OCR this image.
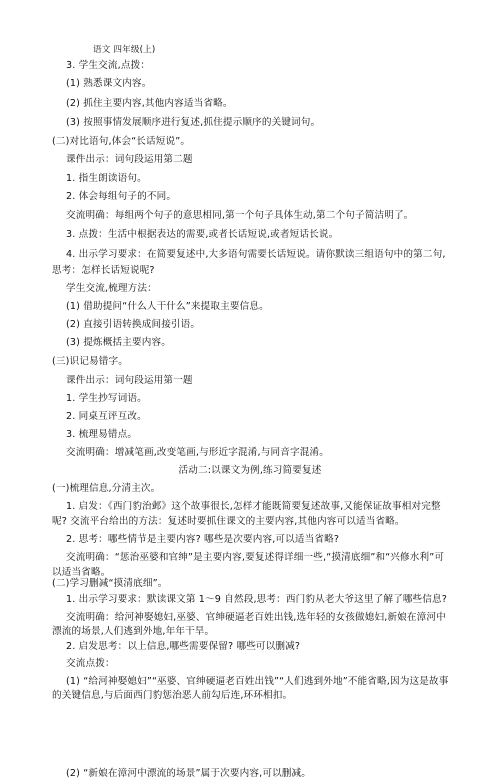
语文 四年级(上)
3. 学生交流,点拨：
(1) 熟悉课文内容。
(2) 抓住主要内容,其他内容适当省略。
(3) 按照事情发展顺序进行复述,抓住提示顺序的关键词句。
(二)对比语句,体会“长话短说”。
课件出示：词句段运用第二题
1. 指生朗读语句。
2. 体会每组句子的不同。
交流明确：每组两个句子的意思相同,第一个句子具体生动,第二个句子简洁明了。
3. 点拨：生活中根据表达的需要,或者长话短说,或者短话长说。
4. 出示学习要求：在简要复述中,大多语句需要长话短说。请你默读三组语句中的第二句,
思考：怎样长话短说呢?
学生交流,梳理方法：
(1) 借助提问“什么人干什么”来提取主要信息。
(2) 直接引语转换成间接引语。
(3) 提炼概括主要内容。
(三)识记易错字。
课件出示：词句段运用第一题
1. 学生抄写词语。
2. 同桌互评互改。
3. 梳理易错点。
交流明确：增减笔画,改变笔画,与形近字混淆,与同音字混淆。
活动二:以课文为例,练习简要复述
(一)梳理信息,分清主次。
1. 启发：《西门豹治邺》这个故事很长,怎样才能既简要复述故事,又能保证故事相对完整
呢? 交流平台给出的方法：复述时要抓住课文的主要内容,其他内容可以适当省略。
2. 思考：哪些情节是主要内容? 哪些是次要内容,可以适当省略?
交流明确：“惩治巫婆和官绅”是主要内容,要复述得详细一些,“摸清底细”和“兴修水利”可
以适当省略。
(二)学习删减“摸清底细”。
1. 出示学习要求：默读课文第 1～9 自然段,思考：西门豹从老大爷这里了解了哪些信息?
交流明确：给河神娶媳妇,巫婆、官绅硬逼老百姓出钱,选年轻的女孩做媳妇,新娘在漳河中
漂流的场景,人们逃到外地,年年干旱。
2. 启发思考：以上信息,哪些需要保留? 哪些可以删减?
交流点拨：
(1) “给河神娶媳妇”“巫婆、官绅硬逼老百姓出钱”“人们逃到外地”不能省略,因为这是故事
的关键信息,与后面西门豹惩治恶人前勾后连,环环相扣。
(2) “新娘在漳河中漂流的场景”属于次要内容,可以删减。
